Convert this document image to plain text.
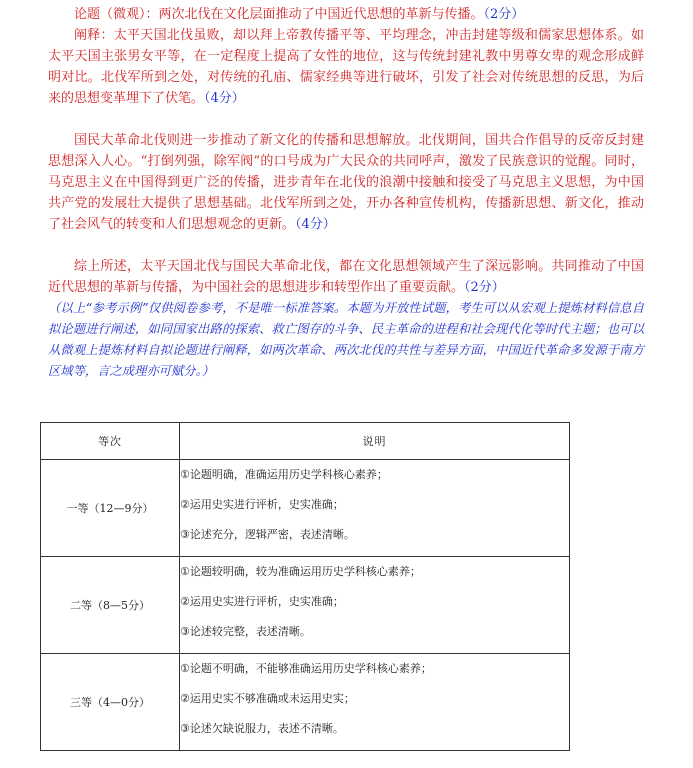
论题（微观）：两次北伐在文化层面推动了中国近代思想的革新与传播。（2分）

阐释：太平天国北伐虽败，却以拜上帝教传播平等、平均理念，冲击封建等级和儒家思想体系。如太平天国主张男女平等，在一定程度上提高了女性的地位，这与传统封建礼教中男尊女卑的观念形成鲜明对比。北伐军所到之处，对传统的孔庙、儒家经典等进行破坏，引发了社会对传统思想的反思，为后来的思想变革埋下了伏笔。（4分）

国民大革命北伐则进一步推动了新文化的传播和思想解放。北伐期间，国共合作倡导的反帝反封建思想深入人心。“打倒列强，除军阀”的口号成为广大民众的共同呼声，激发了民族意识的觉醒。同时，马克思主义在中国得到更广泛的传播，进步青年在北伐的浪潮中接触和接受了马克思主义思想，为中国共产党的发展壮大提供了思想基础。北伐军所到之处，开办各种宣传机构，传播新思想、新文化，推动了社会风气的转变和人们思想观念的更新。（4分）

综上所述，太平天国北伐与国民大革命北伐，都在文化思想领域产生了深远影响。共同推动了中国近代思想的革新与传播，为中国社会的思想进步和转型作出了重要贡献。（2分）

（以上“参考示例”仅供阅卷参考，不是唯一标准答案。本题为开放性试题，考生可以从宏观上提炼材料信息自拟论题进行阐述，如同国家出路的探索、救亡图存的斗争、民主革命的进程和社会现代化等时代主题；也可以从微观上提炼材料自拟论题进行阐释，如两次革命、两次北伐的共性与差异方面，中国近代革命多发源于南方区域等，言之成理亦可赋分。）

等次	说明
一等（12—9分）	①论题明确，准确运用历史学科核心素养；
②运用史实进行评析，史实准确；
③论述充分，逻辑严密，表述清晰。

二等（8—5分）	①论题较明确，较为准确运用历史学科核心素养；
②运用史实进行评析，史实准确；
③论述较完整，表述清晰。

三等（4—0分）	①论题不明确，不能够准确运用历史学科核心素养；
②运用史实不够准确或未运用史实；
③论述欠缺说服力，表述不清晰。
